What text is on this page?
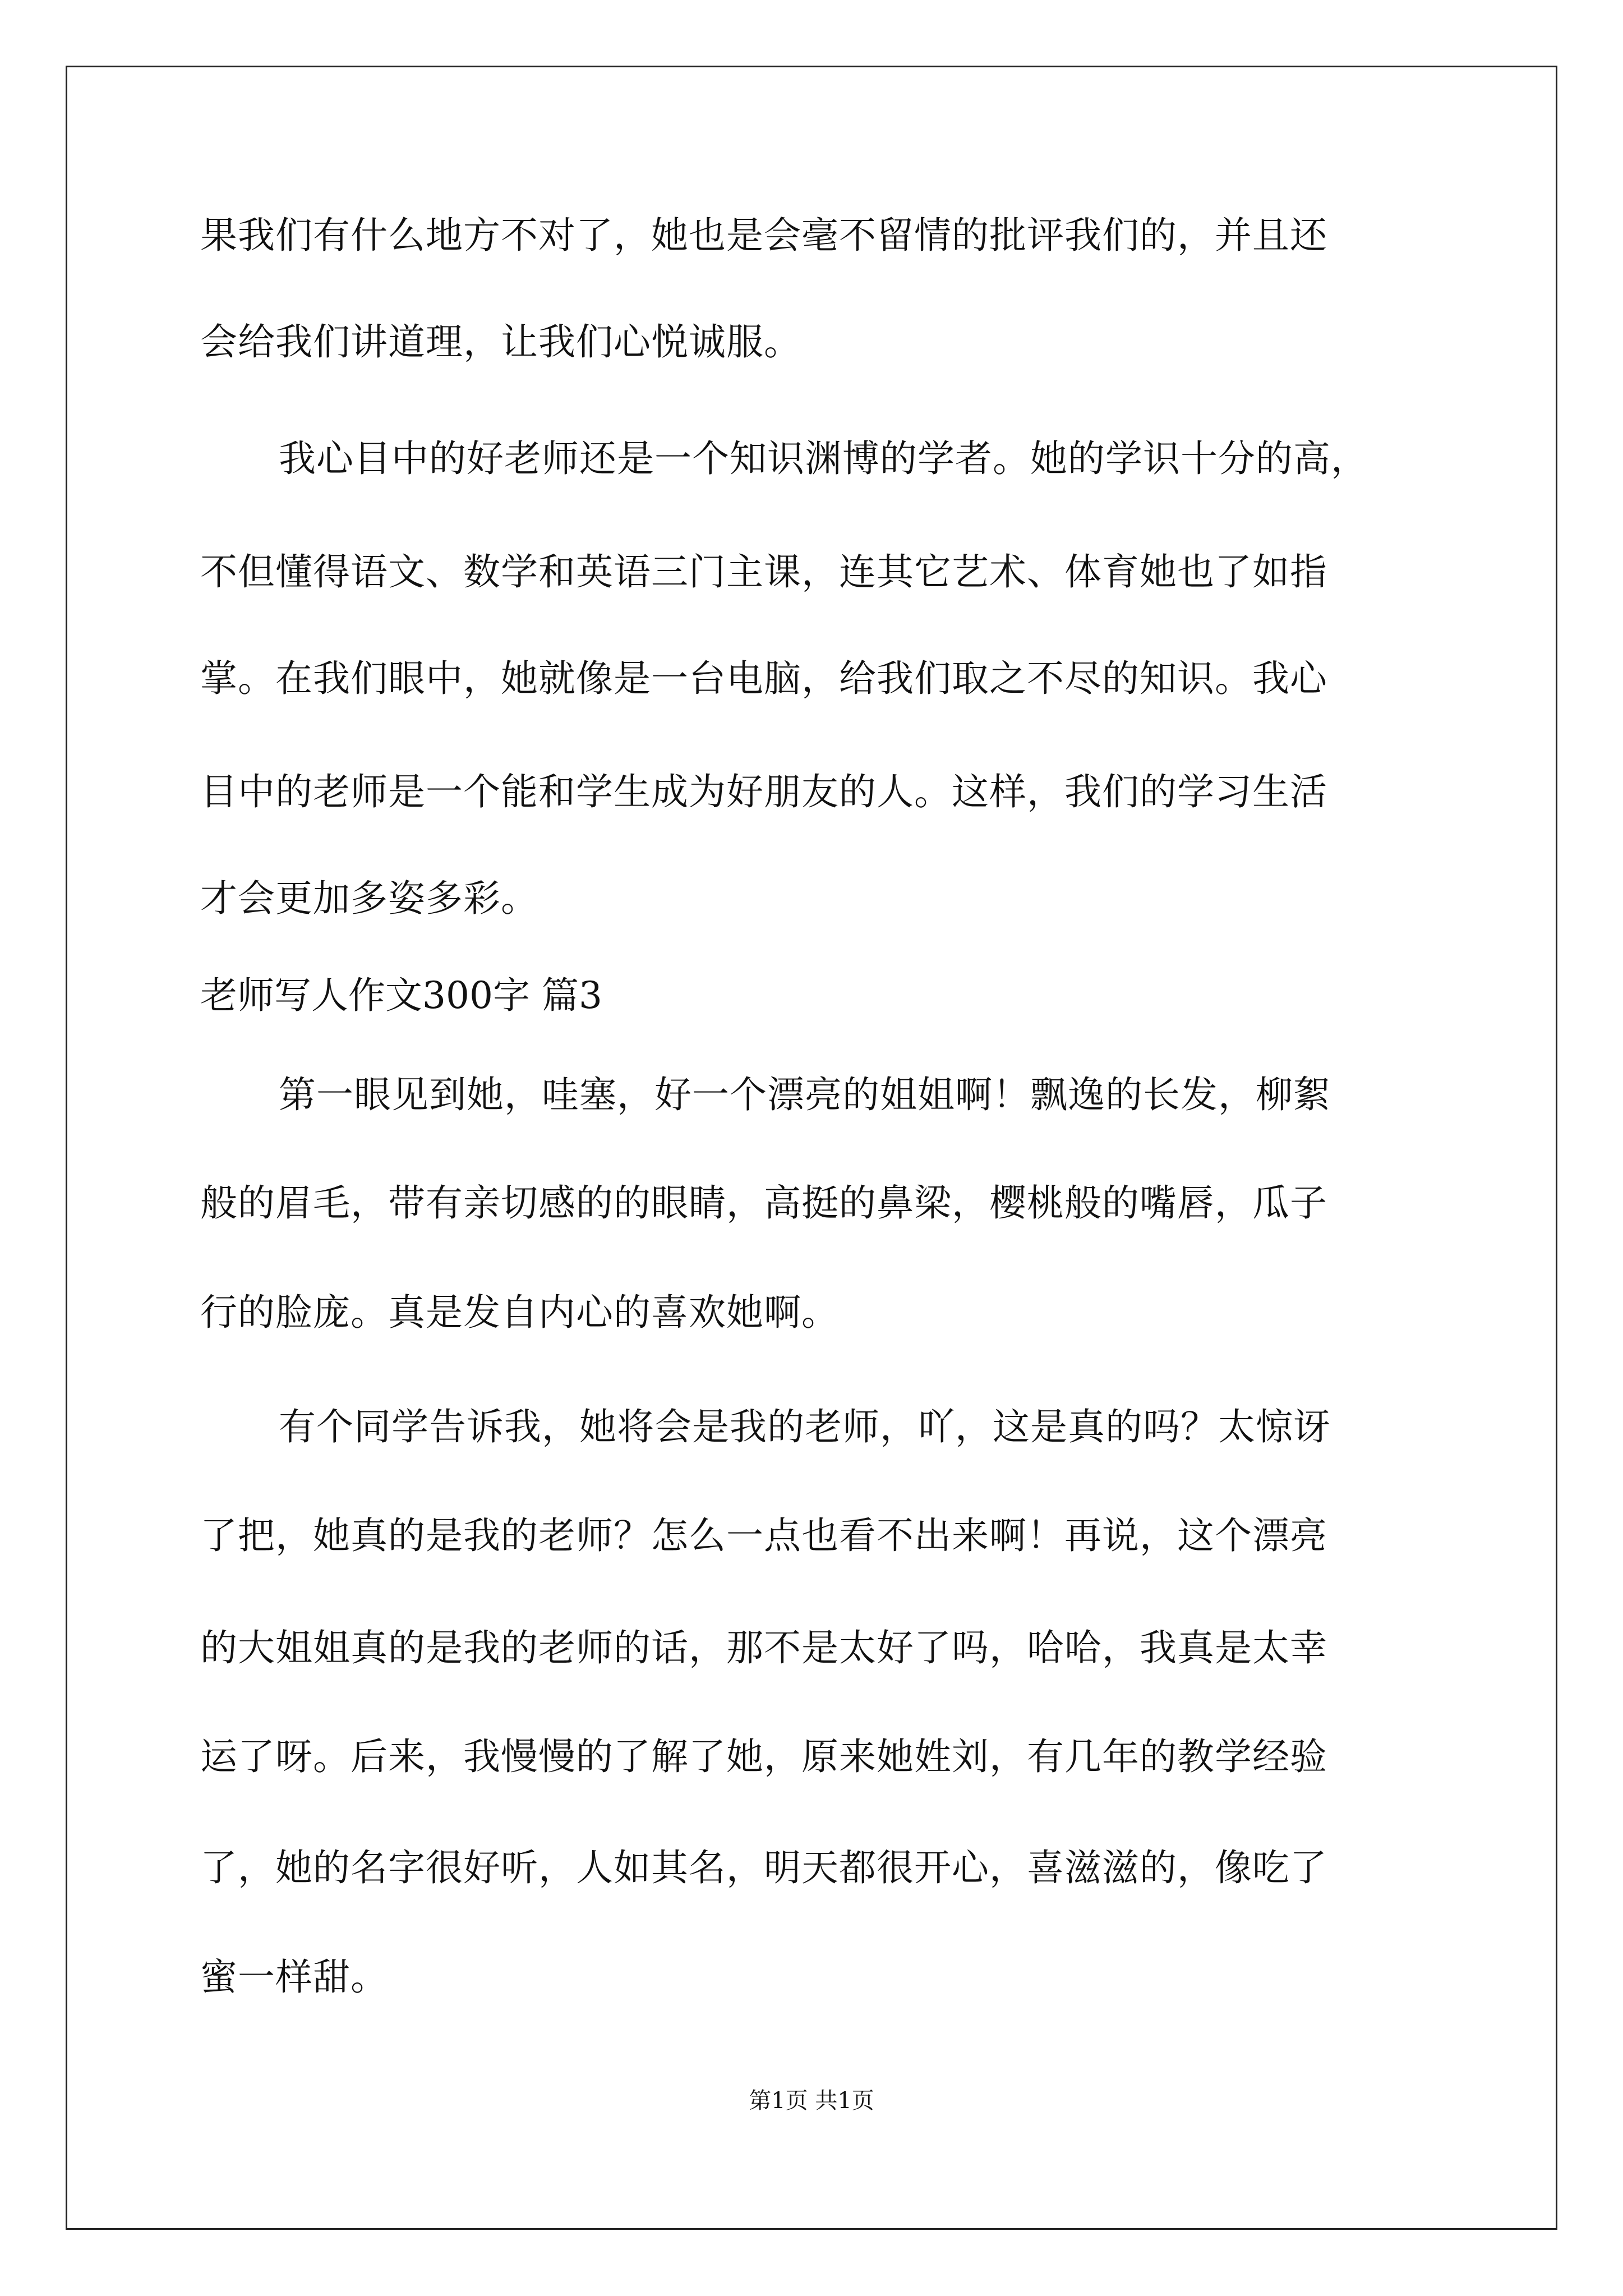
果我们有什么地方不对了，她也是会毫不留情的批评我们的，并且还
会给我们讲道理，让我们心悦诚服。
我心目中的好老师还是一个知识渊博的学者。她的学识十分的高，
不但懂得语文、数学和英语三门主课，连其它艺术、体育她也了如指
掌。在我们眼中，她就像是一台电脑，给我们取之不尽的知识。我心
目中的老师是一个能和学生成为好朋友的人。这样，我们的学习生活
才会更加多姿多彩。
老师写人作文300字 篇3
第一眼见到她，哇塞，好一个漂亮的姐姐啊！飘逸的长发，柳絮
般的眉毛，带有亲切感的的眼睛，高挺的鼻梁，樱桃般的嘴唇，瓜子
行的脸庞。真是发自内心的喜欢她啊。
有个同学告诉我，她将会是我的老师，吖，这是真的吗？太惊讶
了把，她真的是我的老师？怎么一点也看不出来啊！再说，这个漂亮
的大姐姐真的是我的老师的话，那不是太好了吗，哈哈，我真是太幸
运了呀。后来，我慢慢的了解了她，原来她姓刘，有几年的教学经验
了，她的名字很好听，人如其名，明天都很开心，喜滋滋的，像吃了
蜜一样甜。
第1页 共1页
